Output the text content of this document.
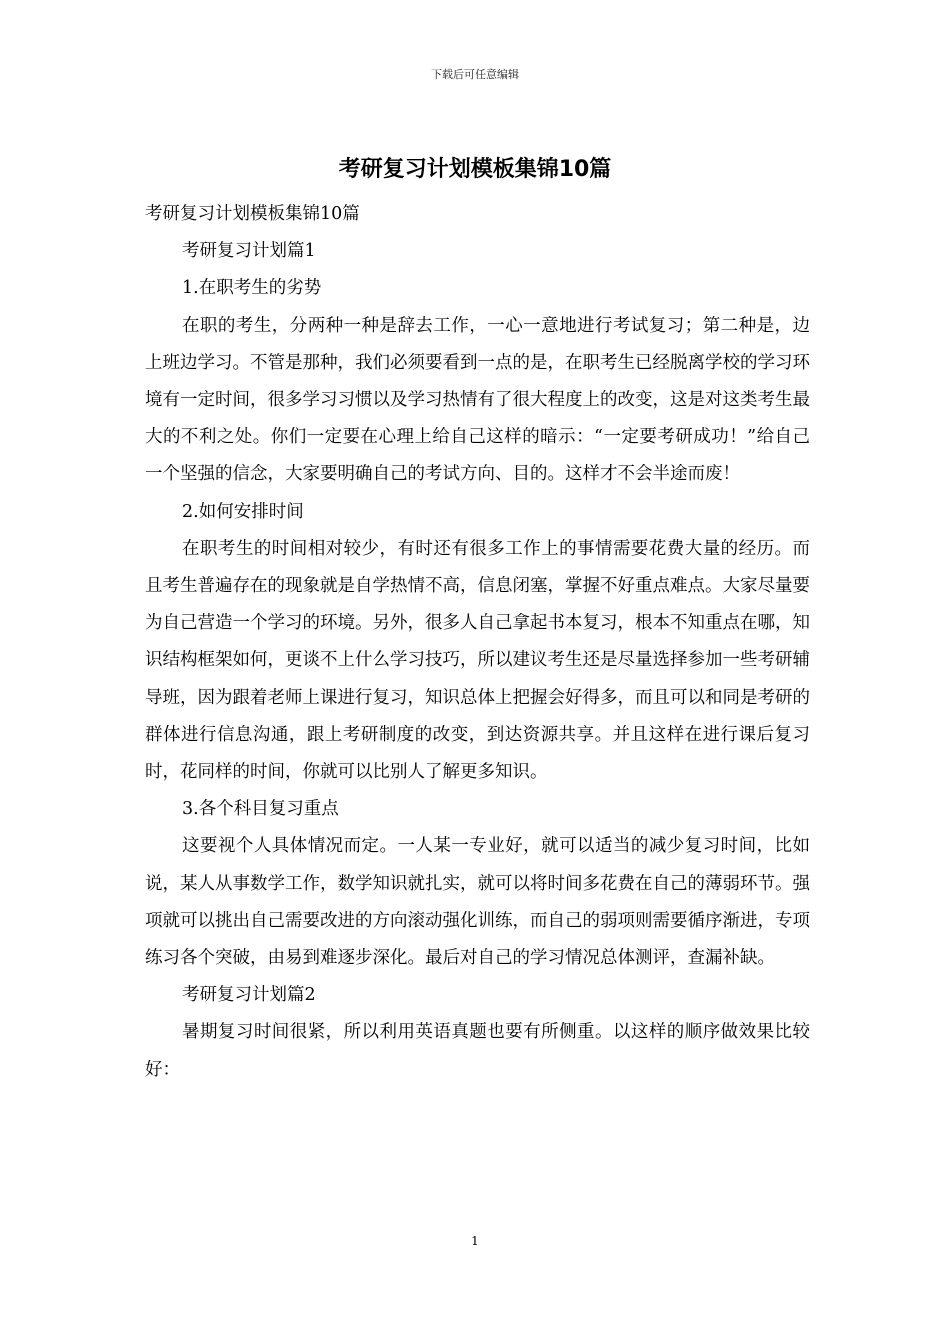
下载后可任意编辑
考研复习计划模板集锦10篇
考研复习计划模板集锦10篇
考研复习计划篇1
1.在职考生的劣势

在职的考生，分两种一种是辞去工作，一心一意地进行考试复习；第二种是，边上班边学习。不管是那种，我们必须要看到一点的是，在职考生已经脱离学校的学习环境有一定时间，很多学习习惯以及学习热情有了很大程度上的改变，这是对这类考生最大的不利之处。你们一定要在心理上给自己这样的暗示：“一定要考研成功！”给自己一个坚强的信念，大家要明确自己的考试方向、目的。这样才不会半途而废！

2.如何安排时间

在职考生的时间相对较少，有时还有很多工作上的事情需要花费大量的经历。而且考生普遍存在的现象就是自学热情不高，信息闭塞，掌握不好重点难点。大家尽量要为自己营造一个学习的环境。另外，很多人自己拿起书本复习，根本不知重点在哪，知识结构框架如何，更谈不上什么学习技巧，所以建议考生还是尽量选择参加一些考研辅导班，因为跟着老师上课进行复习，知识总体上把握会好得多，而且可以和同是考研的群体进行信息沟通，跟上考研制度的改变，到达资源共享。并且这样在进行课后复习时，花同样的时间，你就可以比别人了解更多知识。

3.各个科目复习重点

这要视个人具体情况而定。一人某一专业好，就可以适当的减少复习时间，比如说，某人从事数学工作，数学知识就扎实，就可以将时间多花费在自己的薄弱环节。强项就可以挑出自己需要改进的方向滚动强化训练，而自己的弱项则需要循序渐进，专项练习各个突破，由易到难逐步深化。最后对自己的学习情况总体测评，查漏补缺。

考研复习计划篇2

暑期复习时间很紧，所以利用英语真题也要有所侧重。以这样的顺序做效果比较好：

1
